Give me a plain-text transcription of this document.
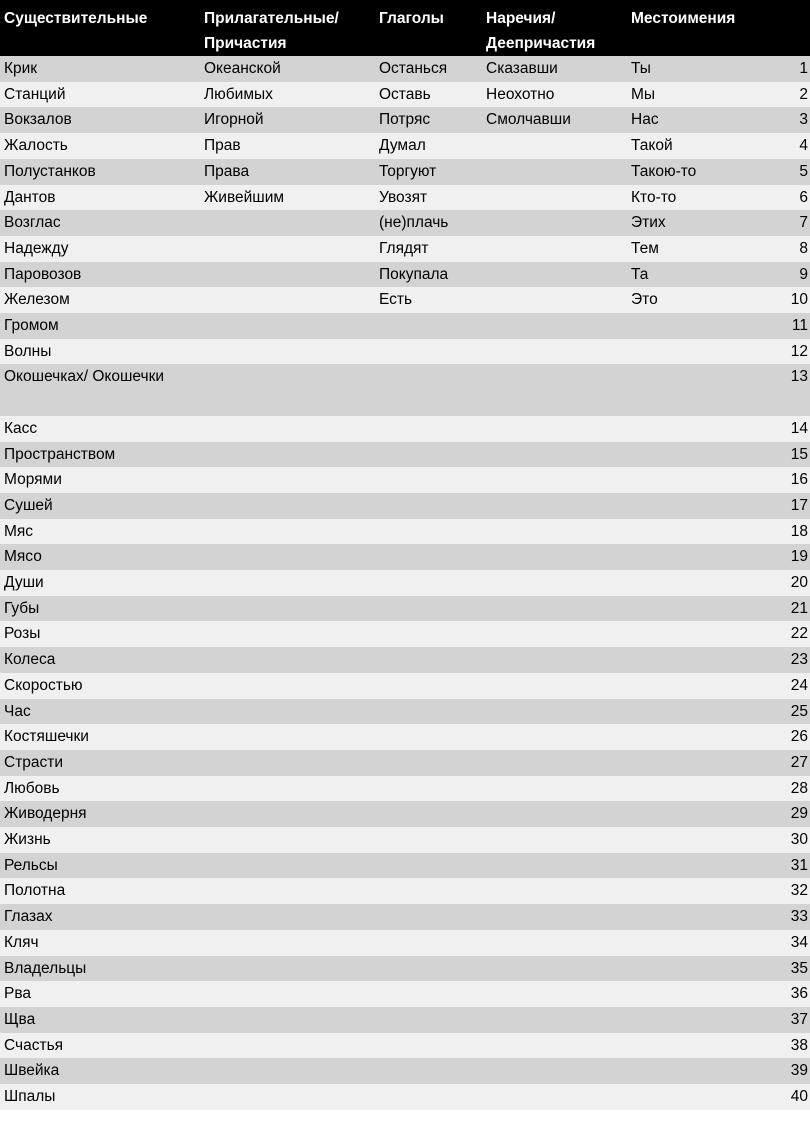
Существительные	Прилагательные/ Причастия	Глаголы	Наречия/ Деепричастия	Местоимения	
Крик	Океанской	Останься	Сказавши	Ты	1
Станций	Любимых	Оставь	Неохотно	Мы	2
Вокзалов	Игорной	Потряс	Смолчавши	Нас	3
Жалость	Прав	Думал		Такой	4
Полустанков	Права	Торгуют		Такою-то	5
Дантов	Живейшим	Увозят		Кто-то	6
Возглас		(не)плачь		Этих	7
Надежду		Глядят		Тем	8
Паровозов		Покупала		Та	9
Железом		Есть		Это	10
Громом					11
Волны					12
Окошечках/ Окошечки					13
Касс					14
Пространством					15
Морями					16
Сушей					17
Мяс					18
Мясо					19
Души					20
Губы					21
Розы					22
Колеса					23
Скоростью					24
Час					25
Костяшечки					26
Страсти					27
Любовь					28
Живодерня					29
Жизнь					30
Рельсы					31
Полотна					32
Глазах					33
Кляч					34
Владельцы					35
Рва					36
Щва					37
Счастья					38
Швейка					39
Шпалы					40
